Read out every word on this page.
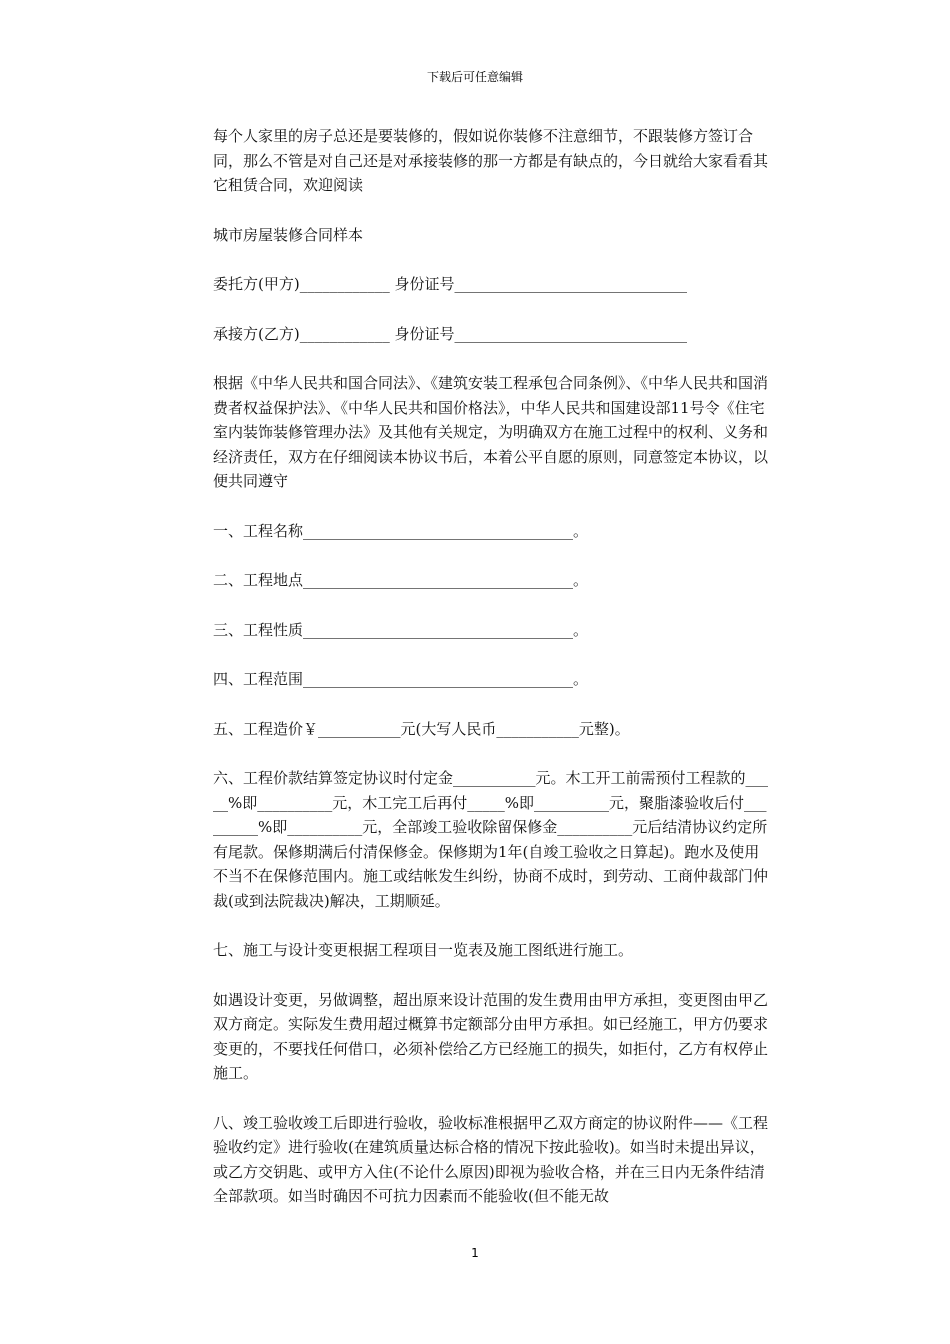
下载后可任意编辑

每个人家里的房子总还是要装修的，假如说你装修不注意细节，不跟装修方签订合同，那么不管是对自己还是对承接装修的那一方都是有缺点的，今日就给大家看看其它租赁合同，欢迎阅读

城市房屋装修合同样本

委托方(甲方)____________ 身份证号_______________________________

承接方(乙方)____________ 身份证号_______________________________

根据《中华人民共和国合同法》、《建筑安装工程承包合同条例》、《中华人民共和国消费者权益保护法》、《中华人民共和国价格法》，中华人民共和国建设部11号令《住宅室内装饰装修管理办法》及其他有关规定，为明确双方在施工过程中的权利、义务和经济责任，双方在仔细阅读本协议书后，本着公平自愿的原则，同意签定本协议，以便共同遵守

一、工程名称____________________________________。

二、工程地点____________________________________。

三、工程性质____________________________________。

四、工程范围____________________________________。

五、工程造价￥___________元(大写人民币___________元整)。

六、工程价款结算签定协议时付定金___________元。木工开工前需预付工程款的_____%即__________元，木工完工后再付_____%即__________元，聚脂漆验收后付_________%即__________元，全部竣工验收除留保修金__________元后结清协议约定所有尾款。保修期满后付清保修金。保修期为1年(自竣工验收之日算起)。跑水及使用不当不在保修范围内。施工或结帐发生纠纷，协商不成时，到劳动、工商仲裁部门仲裁(或到法院裁决)解决，工期顺延。

七、施工与设计变更根据工程项目一览表及施工图纸进行施工。

如遇设计变更，另做调整，超出原来设计范围的发生费用由甲方承担，变更图由甲乙双方商定。实际发生费用超过概算书定额部分由甲方承担。如已经施工，甲方仍要求变更的，不要找任何借口，必须补偿给乙方已经施工的损失，如拒付，乙方有权停止施工。

八、竣工验收竣工后即进行验收，验收标准根据甲乙双方商定的协议附件——《工程验收约定》进行验收(在建筑质量达标合格的情况下按此验收)。如当时未提出异议，或乙方交钥匙、或甲方入住(不论什么原因)即视为验收合格，并在三日内无条件结清全部款项。如当时确因不可抗力因素而不能验收(但不能无故

1
